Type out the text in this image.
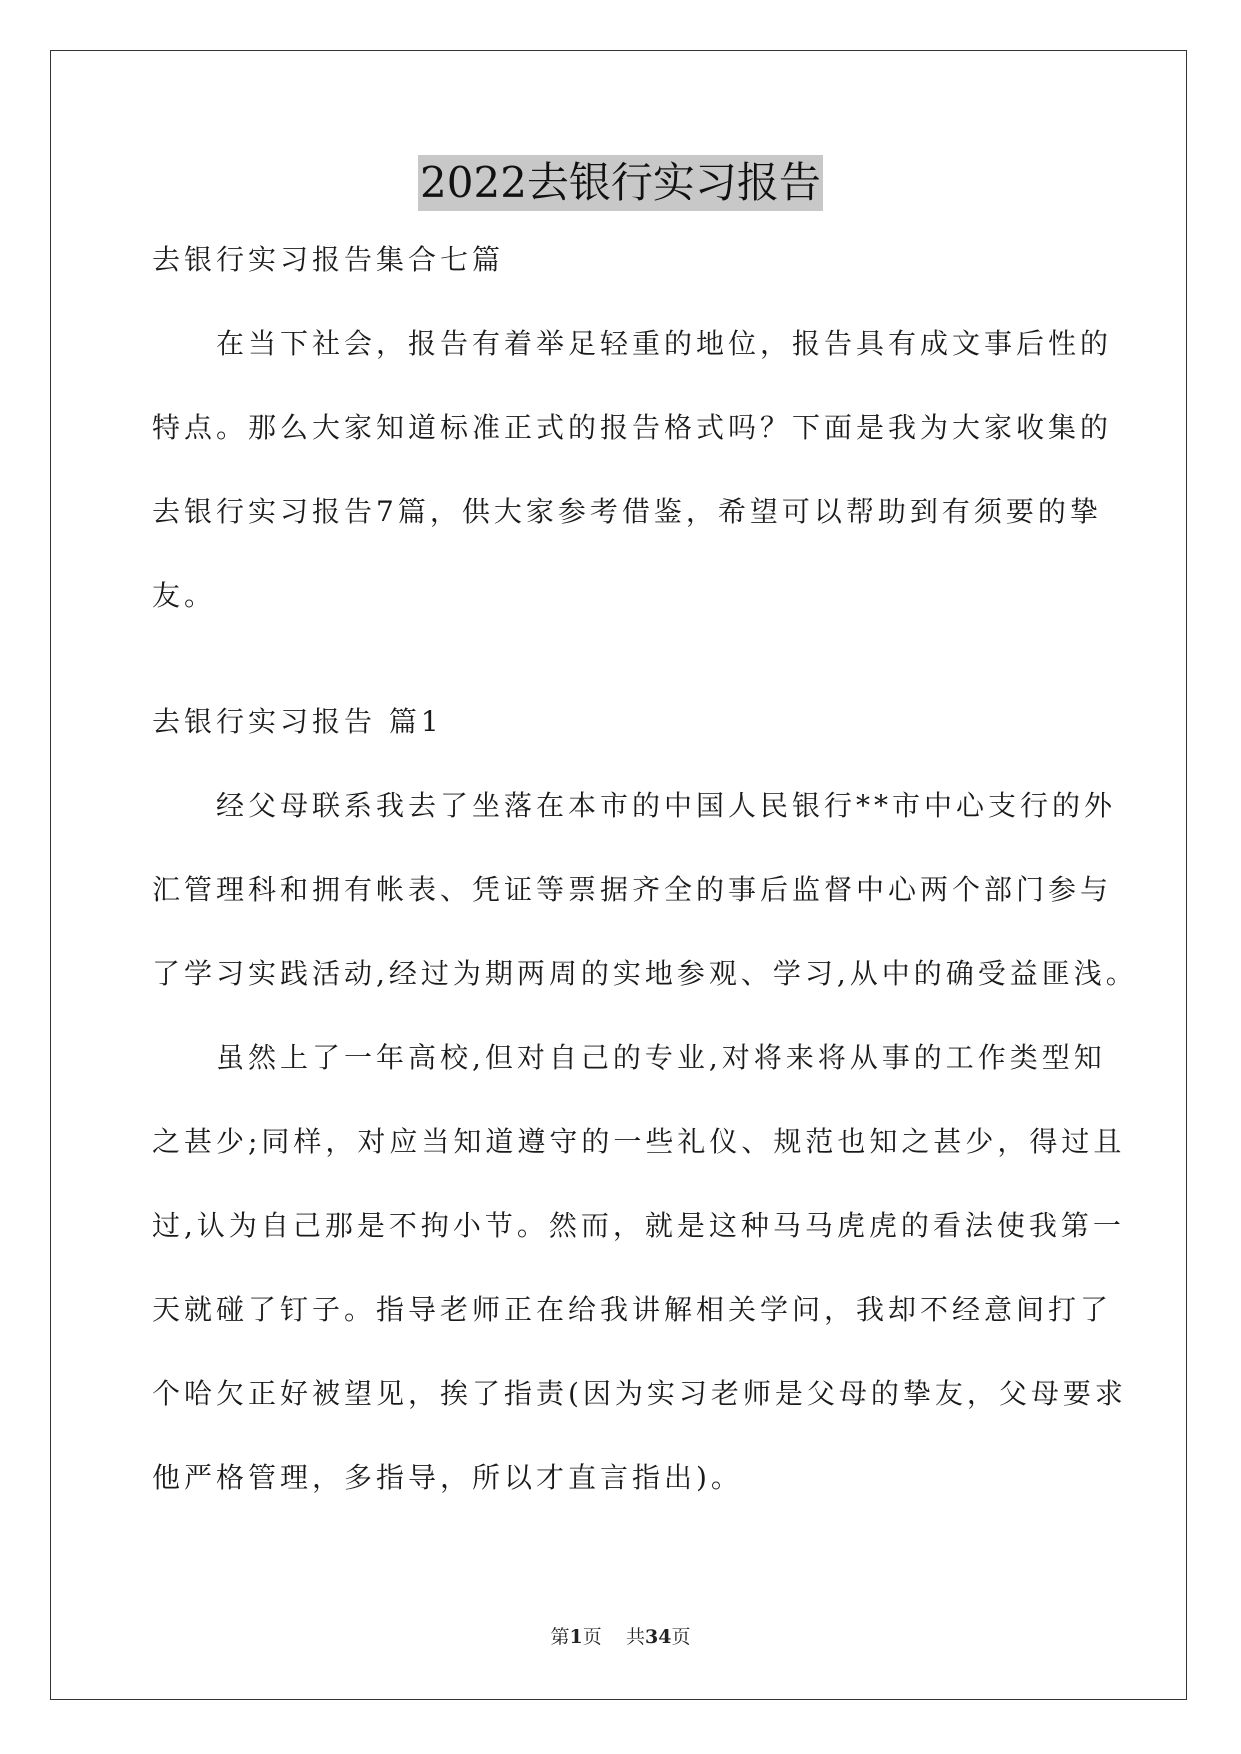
2022去银行实习报告
去银行实习报告集合七篇
　　在当下社会，报告有着举足轻重的地位，报告具有成文事后性的
特点。那么大家知道标准正式的报告格式吗？下面是我为大家收集的
去银行实习报告7篇，供大家参考借鉴，希望可以帮助到有须要的挚
友。
去银行实习报告 篇1
　　经父母联系我去了坐落在本市的中国人民银行**市中心支行的外
汇管理科和拥有帐表、凭证等票据齐全的事后监督中心两个部门参与
了学习实践活动,经过为期两周的实地参观、学习,从中的确受益匪浅。
　　虽然上了一年高校,但对自己的专业,对将来将从事的工作类型知
之甚少;同样，对应当知道遵守的一些礼仪、规范也知之甚少，得过且
过,认为自己那是不拘小节。然而，就是这种马马虎虎的看法使我第一
天就碰了钉子。指导老师正在给我讲解相关学问，我却不经意间打了
个哈欠正好被望见，挨了指责(因为实习老师是父母的挚友，父母要求
他严格管理，多指导，所以才直言指出)。
第1页 共34页
